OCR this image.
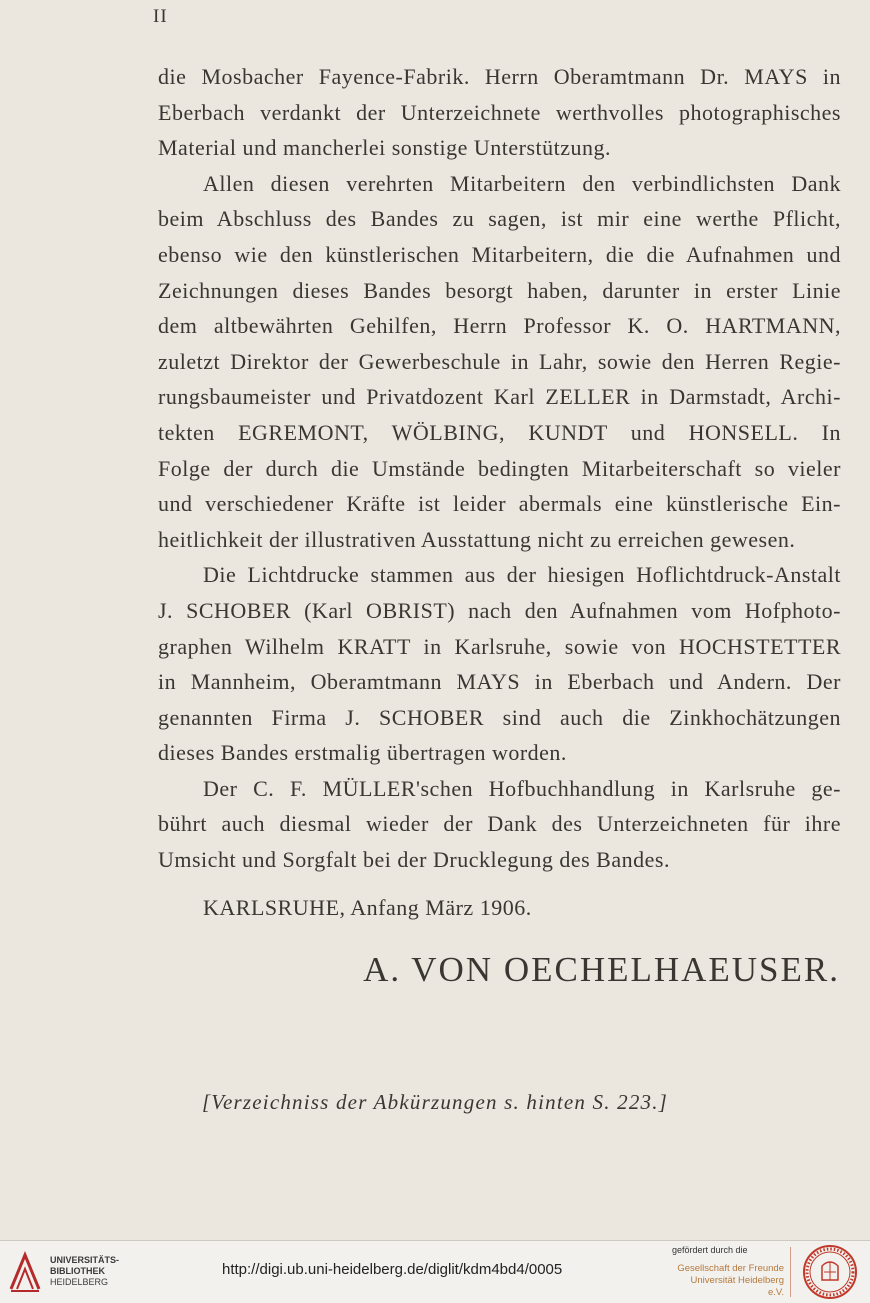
II
die Mosbacher Fayence-Fabrik. Herrn Oberamtmann Dr. MAYS in
Eberbach verdankt der Unterzeichnete werthvolles photographisches
Material und mancherlei sonstige Unterstützung.
Allen diesen verehrten Mitarbeitern den verbindlichsten Dank
beim Abschluss des Bandes zu sagen, ist mir eine werthe Pflicht,
ebenso wie den künstlerischen Mitarbeitern, die die Aufnahmen und
Zeichnungen dieses Bandes besorgt haben, darunter in erster Linie
dem altbewährten Gehilfen, Herrn Professor K. O. HARTMANN,
zuletzt Direktor der Gewerbeschule in Lahr, sowie den Herren Regie-
rungsbaumeister und Privatdozent Karl ZELLER in Darmstadt, Archi-
tekten EGREMONT, WÖLBING, KUNDT und HONSELL. In
Folge der durch die Umstände bedingten Mitarbeiterschaft so vieler
und verschiedener Kräfte ist leider abermals eine künstlerische Ein-
heitlichkeit der illustrativen Ausstattung nicht zu erreichen gewesen.
Die Lichtdrucke stammen aus der hiesigen Hoflichtdruck-Anstalt
J. SCHOBER (Karl OBRIST) nach den Aufnahmen vom Hofphoto-
graphen Wilhelm KRATT in Karlsruhe, sowie von HOCHSTETTER
in Mannheim, Oberamtmann MAYS in Eberbach und Andern. Der
genannten Firma J. SCHOBER sind auch die Zinkhochätzungen
dieses Bandes erstmalig übertragen worden.
Der C. F. MÜLLER'schen Hofbuchhandlung in Karlsruhe ge-
bührt auch diesmal wieder der Dank des Unterzeichneten für ihre
Umsicht und Sorgfalt bei der Drucklegung des Bandes.
KARLSRUHE, Anfang März 1906.
A. VON OECHELHAEUSER.
[Verzeichniss der Abkürzungen s. hinten S. 223.]
UNIVERSITÄTS-
BIBLIOTHEK
HEIDELBERG
http://digi.ub.uni-heidelberg.de/diglit/kdm4bd4/0005
gefördert durch die
Gesellschaft der Freunde
Universität Heidelberg e.V.
